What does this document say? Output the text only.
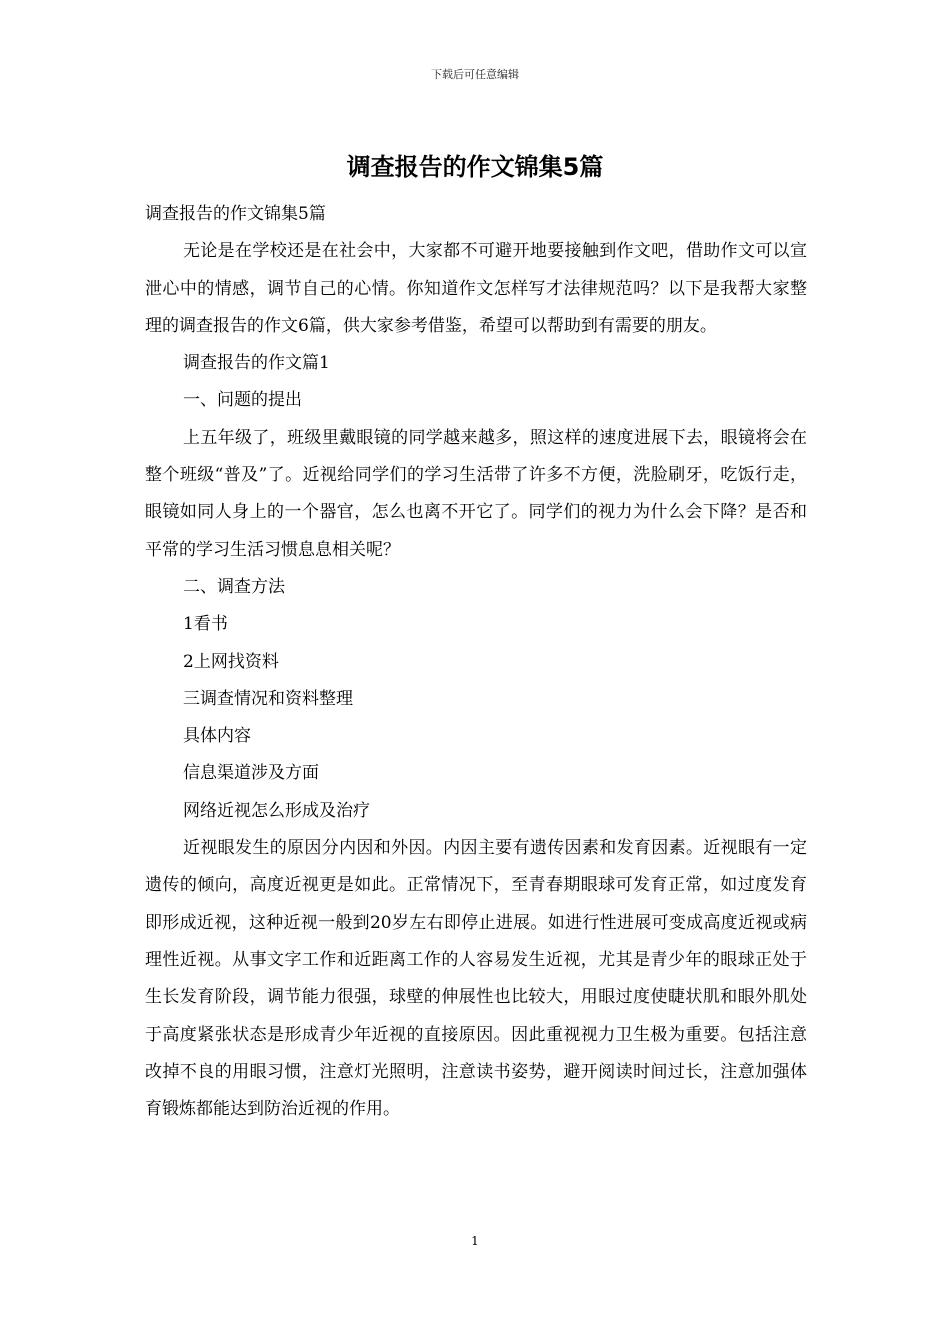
下载后可任意编辑
调查报告的作文锦集5篇

调查报告的作文锦集5篇

无论是在学校还是在社会中，大家都不可避开地要接触到作文吧，借助作文可以宣泄心中的情感，调节自己的心情。你知道作文怎样写才法律规范吗？以下是我帮大家整理的调查报告的作文6篇，供大家参考借鉴，希望可以帮助到有需要的朋友。

调查报告的作文篇1

一、问题的提出

上五年级了，班级里戴眼镜的同学越来越多，照这样的速度进展下去，眼镜将会在整个班级“普及”了。近视给同学们的学习生活带了许多不方便，洗脸刷牙，吃饭行走，眼镜如同人身上的一个器官，怎么也离不开它了。同学们的视力为什么会下降？是否和平常的学习生活习惯息息相关呢？

二、调查方法

1看书

2上网找资料

三调查情况和资料整理

具体内容

信息渠道涉及方面

网络近视怎么形成及治疗

近视眼发生的原因分内因和外因。内因主要有遗传因素和发育因素。近视眼有一定遗传的倾向，高度近视更是如此。正常情况下，至青春期眼球可发育正常，如过度发育即形成近视，这种近视一般到20岁左右即停止进展。如进行性进展可变成高度近视或病理性近视。从事文字工作和近距离工作的人容易发生近视，尤其是青少年的眼球正处于生长发育阶段，调节能力很强，球壁的伸展性也比较大，用眼过度使睫状肌和眼外肌处于高度紧张状态是形成青少年近视的直接原因。因此重视视力卫生极为重要。包括注意改掉不良的用眼习惯，注意灯光照明，注意读书姿势，避开阅读时间过长，注意加强体育锻炼都能达到防治近视的作用。

1
